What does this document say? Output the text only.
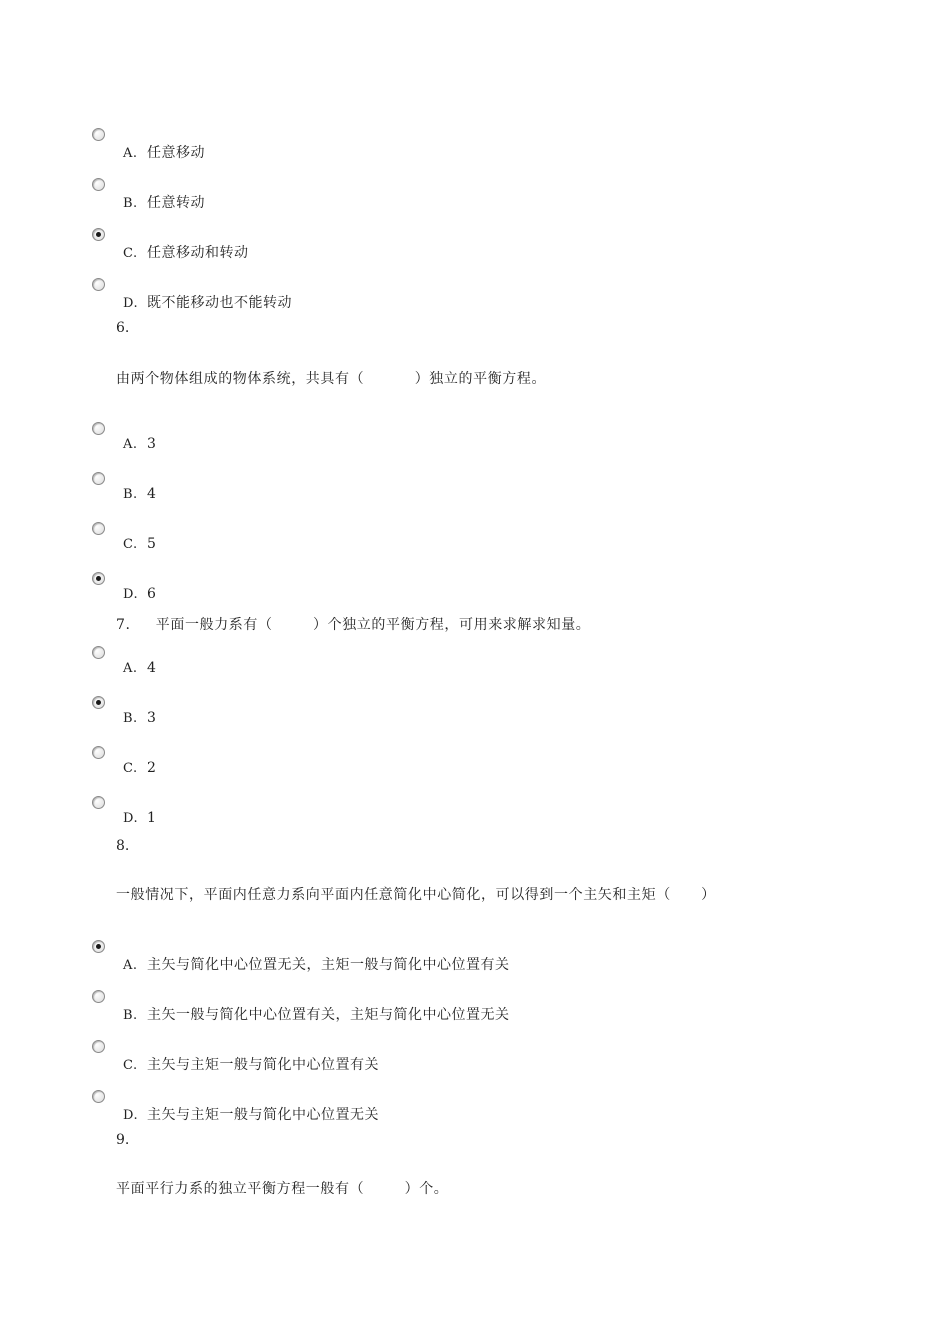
A. 任意移动
B. 任意转动
C. 任意移动和转动
D. 既不能移动也不能转动
6.
由两个物体组成的物体系统，共具有（          ）独立的平衡方程。
A. 3
B. 4
C. 5
D. 6
7.     平面一般力系有（        ）个独立的平衡方程，可用来求解求知量。
A. 4
B. 3
C. 2
D. 1
8.
一般情况下，平面内任意力系向平面内任意简化中心简化，可以得到一个主矢和主矩（      ）
A. 主矢与简化中心位置无关，主矩一般与简化中心位置有关
B. 主矢一般与简化中心位置有关，主矩与简化中心位置无关
C. 主矢与主矩一般与简化中心位置有关
D. 主矢与主矩一般与简化中心位置无关
9.
平面平行力系的独立平衡方程一般有（        ）个。
